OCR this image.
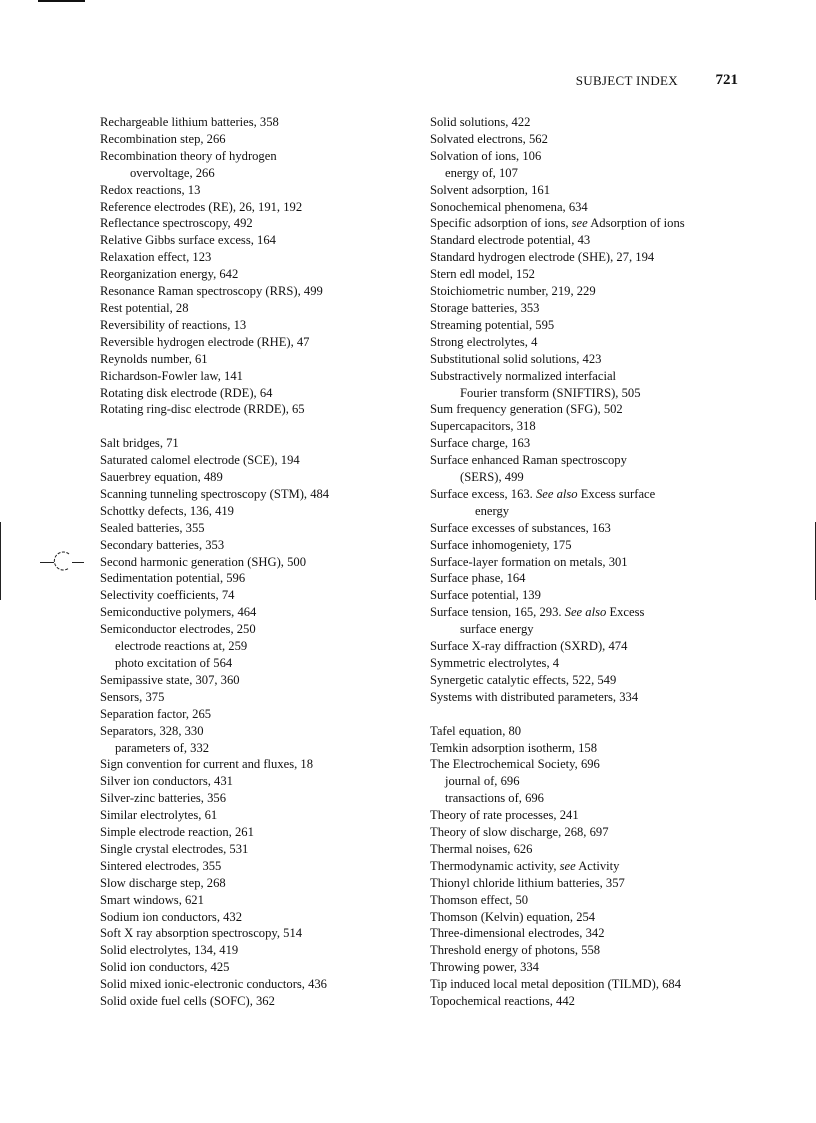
SUBJECT INDEX	721
Rechargeable lithium batteries, 358
Recombination step, 266
Recombination theory of hydrogen
overvoltage, 266
Redox reactions, 13
Reference electrodes (RE), 26, 191, 192
Reflectance spectroscopy, 492
Relative Gibbs surface excess, 164
Relaxation effect, 123
Reorganization energy, 642
Resonance Raman spectroscopy (RRS), 499
Rest potential, 28
Reversibility of reactions, 13
Reversible hydrogen electrode (RHE), 47
Reynolds number, 61
Richardson-Fowler law, 141
Rotating disk electrode (RDE), 64
Rotating ring-disc electrode (RRDE), 65
Salt bridges, 71
Saturated calomel electrode (SCE), 194
Sauerbrey equation, 489
Scanning tunneling spectroscopy (STM), 484
Schottky defects, 136, 419
Sealed batteries, 355
Secondary batteries, 353
Second harmonic generation (SHG), 500
Sedimentation potential, 596
Selectivity coefficients, 74
Semiconductive polymers, 464
Semiconductor electrodes, 250
electrode reactions at, 259
photo excitation of 564
Semipassive state, 307, 360
Sensors, 375
Separation factor, 265
Separators, 328, 330
parameters of, 332
Sign convention for current and fluxes, 18
Silver ion conductors, 431
Silver-zinc batteries, 356
Similar electrolytes, 61
Simple electrode reaction, 261
Single crystal electrodes, 531
Sintered electrodes, 355
Slow discharge step, 268
Smart windows, 621
Sodium ion conductors, 432
Soft X ray absorption spectroscopy, 514
Solid electrolytes, 134, 419
Solid ion conductors, 425
Solid mixed ionic-electronic conductors, 436
Solid oxide fuel cells (SOFC), 362
Solid solutions, 422
Solvated electrons, 562
Solvation of ions, 106
energy of, 107
Solvent adsorption, 161
Sonochemical phenomena, 634
Specific adsorption of ions, see Adsorption of ions
Standard electrode potential, 43
Standard hydrogen electrode (SHE), 27, 194
Stern edl model, 152
Stoichiometric number, 219, 229
Storage batteries, 353
Streaming potential, 595
Strong electrolytes, 4
Substitutional solid solutions, 423
Substractively normalized interfacial
Fourier transform (SNIFTIRS), 505
Sum frequency generation (SFG), 502
Supercapacitors, 318
Surface charge, 163
Surface enhanced Raman spectroscopy
(SERS), 499
Surface excess, 163. See also Excess surface
energy
Surface excesses of substances, 163
Surface inhomogeniety, 175
Surface-layer formation on metals, 301
Surface phase, 164
Surface potential, 139
Surface tension, 165, 293. See also Excess
surface energy
Surface X-ray diffraction (SXRD), 474
Symmetric electrolytes, 4
Synergetic catalytic effects, 522, 549
Systems with distributed parameters, 334
Tafel equation, 80
Temkin adsorption isotherm, 158
The Electrochemical Society, 696
journal of, 696
transactions of, 696
Theory of rate processes, 241
Theory of slow discharge, 268, 697
Thermal noises, 626
Thermodynamic activity, see Activity
Thionyl chloride lithium batteries, 357
Thomson effect, 50
Thomson (Kelvin) equation, 254
Three-dimensional electrodes, 342
Threshold energy of photons, 558
Throwing power, 334
Tip induced local metal deposition (TILMD), 684
Topochemical reactions, 442
